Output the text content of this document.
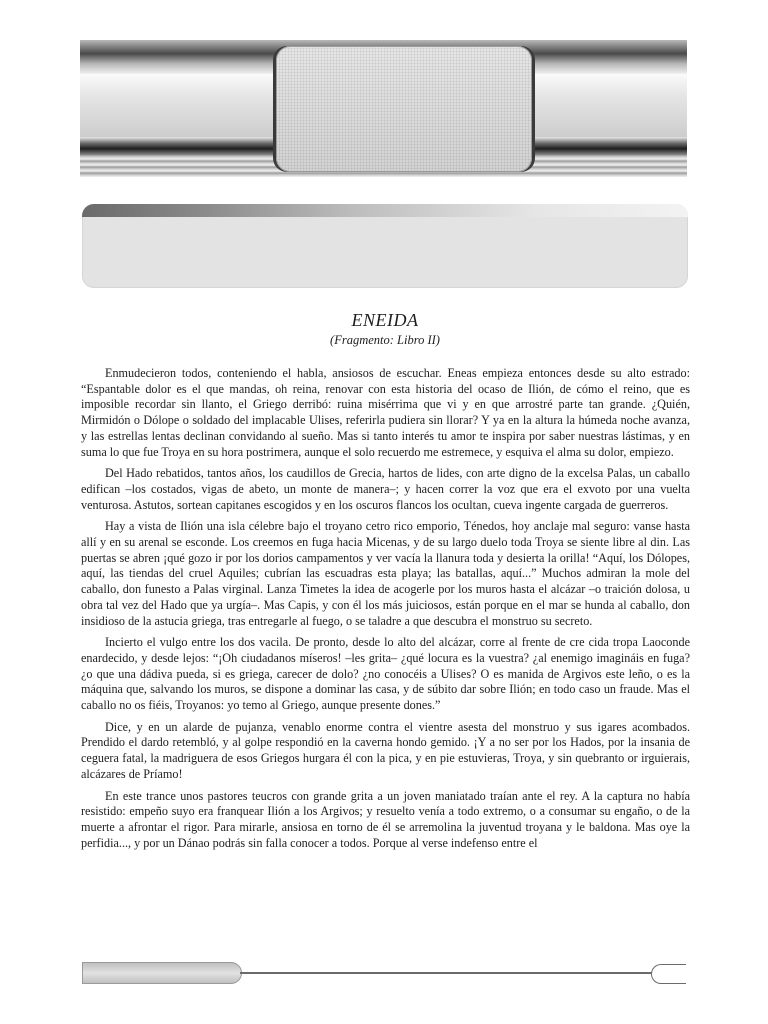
ENEIDA
(Fragmento: Libro II)

Enmudecieron todos, conteniendo el habla, ansiosos de escuchar. Eneas empieza entonces desde su alto estrado: “Espantable dolor es el que mandas, oh reina, renovar con esta historia del ocaso de Ilión, de cómo el reino, que es imposible recordar sin llanto, el Griego derribó: ruina misérrima que vi y en que arrostré parte tan grande. ¿Quién, Mirmidón o Dólope o soldado del implacable Ulises, referirla pudiera sin llorar? Y ya en la altura la húmeda noche avanza, y las estrellas lentas declinan convidando al sueño. Mas si tanto interés tu amor te inspira por saber nuestras lástimas, y en suma lo que fue Troya en su hora postrimera, aunque el solo recuerdo me estremece, y esquiva el alma su dolor, empiezo.

Del Hado rebatidos, tantos años, los caudillos de Grecia, hartos de lides, con arte digno de la excelsa Palas, un caballo edifican –los costados, vigas de abeto, un monte de manera–; y hacen correr la voz que era el exvoto por una vuelta venturosa. Astutos, sortean capitanes escogidos y en los oscuros flancos los ocultan, cueva ingente cargada de guerreros.

Hay a vista de Ilión una isla célebre bajo el troyano cetro rico emporio, Ténedos, hoy anclaje mal seguro: vanse hasta allí y en su arenal se esconde. Los creemos en fuga hacia Micenas, y de su largo duelo toda Troya se siente libre al din. Las puertas se abren ¡qué gozo ir por los dorios campamentos y ver vacía la llanura toda y desierta la orilla! “Aquí, los Dólopes, aquí, las tiendas del cruel Aquiles; cubrían las escuadras esta playa; las batallas, aquí...” Muchos admiran la mole del caballo, don funesto a Palas virginal. Lanza Timetes la idea de acogerle por los muros hasta el alcázar –o traición dolosa, u obra tal vez del Hado que ya urgía–. Mas Capis, y con él los más juiciosos, están porque en el mar se hunda al caballo, don insidioso de la astucia griega, tras entregarle al fuego, o se taladre a que descubra el monstruo su secreto.

Incierto el vulgo entre los dos vacila. De pronto, desde lo alto del alcázar, corre al frente de cre cida tropa Laoconde enardecido, y desde lejos: “¡Oh ciudadanos míseros! –les grita– ¿qué locura es la vuestra? ¿al enemigo imagináis en fuga? ¿o que una dádiva pueda, si es griega, carecer de dolo? ¿no conocéis a Ulises? O es manida de Argivos este leño, o es la máquina que, salvando los muros, se dispone a dominar las casa, y de súbito dar sobre Ilión; en todo caso un fraude. Mas el caballo no os fiéis, Troyanos: yo temo al Griego, aunque presente dones.”

Dice, y en un alarde de pujanza, venablo enorme contra el vientre asesta del monstruo y sus igares acombados. Prendido el dardo retembló, y al golpe respondió en la caverna hondo gemido. ¡Y a no ser por los Hados, por la insania de ceguera fatal, la madriguera de esos Griegos hurgara él con la pica, y en pie estuvieras, Troya, y sin quebranto or irguierais, alcázares de Príamo!

En este trance unos pastores teucros con grande grita a un joven maniatado traían ante el rey. A la captura no había resistido: empeño suyo era franquear Ilión a los Argivos; y resuelto venía a todo extremo, o a consumar su engaño, o de la muerte a afrontar el rigor. Para mirarle, ansiosa en torno de él se arremolina la juventud troyana y le baldona. Mas oye la perfidia..., y por un Dánao podrás sin falla conocer a todos. Porque al verse indefenso entre el
